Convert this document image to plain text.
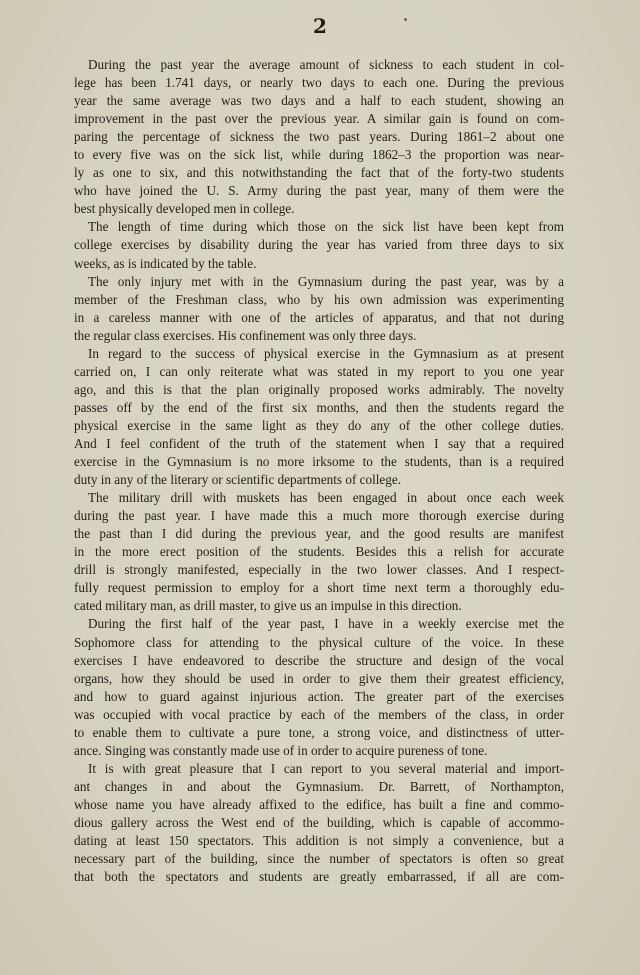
2
During the past year the average amount of sickness to each student in col-
lege has been 1.741 days, or nearly two days to each one. During the previous
year the same average was two days and a half to each student, showing an
improvement in the past over the previous year. A similar gain is found on com-
paring the percentage of sickness the two past years. During 1861–2 about one
to every five was on the sick list, while during 1862–3 the proportion was near-
ly as one to six, and this notwithstanding the fact that of the forty-two students
who have joined the U. S. Army during the past year, many of them were the
best physically developed men in college.
The length of time during which those on the sick list have been kept from
college exercises by disability during the year has varied from three days to six
weeks, as is indicated by the table.
The only injury met with in the Gymnasium during the past year, was by a
member of the Freshman class, who by his own admission was experimenting
in a careless manner with one of the articles of apparatus, and that not during
the regular class exercises. His confinement was only three days.
In regard to the success of physical exercise in the Gymnasium as at present
carried on, I can only reiterate what was stated in my report to you one year
ago, and this is that the plan originally proposed works admirably. The novelty
passes off by the end of the first six months, and then the students regard the
physical exercise in the same light as they do any of the other college duties.
And I feel confident of the truth of the statement when I say that a required
exercise in the Gymnasium is no more irksome to the students, than is a required
duty in any of the literary or scientific departments of college.
The military drill with muskets has been engaged in about once each week
during the past year. I have made this a much more thorough exercise during
the past than I did during the previous year, and the good results are manifest
in the more erect position of the students. Besides this a relish for accurate
drill is strongly manifested, especially in the two lower classes. And I respect-
fully request permission to employ for a short time next term a thoroughly edu-
cated military man, as drill master, to give us an impulse in this direction.
During the first half of the year past, I have in a weekly exercise met the
Sophomore class for attending to the physical culture of the voice. In these
exercises I have endeavored to describe the structure and design of the vocal
organs, how they should be used in order to give them their greatest efficiency,
and how to guard against injurious action. The greater part of the exercises
was occupied with vocal practice by each of the members of the class, in order
to enable them to cultivate a pure tone, a strong voice, and distinctness of utter-
ance. Singing was constantly made use of in order to acquire pureness of tone.
It is with great pleasure that I can report to you several material and import-
ant changes in and about the Gymnasium. Dr. Barrett, of Northampton,
whose name you have already affixed to the edifice, has built a fine and commo-
dious gallery across the West end of the building, which is capable of accommo-
dating at least 150 spectators. This addition is not simply a convenience, but a
necessary part of the building, since the number of spectators is often so great
that both the spectators and students are greatly embarrassed, if all are com-
